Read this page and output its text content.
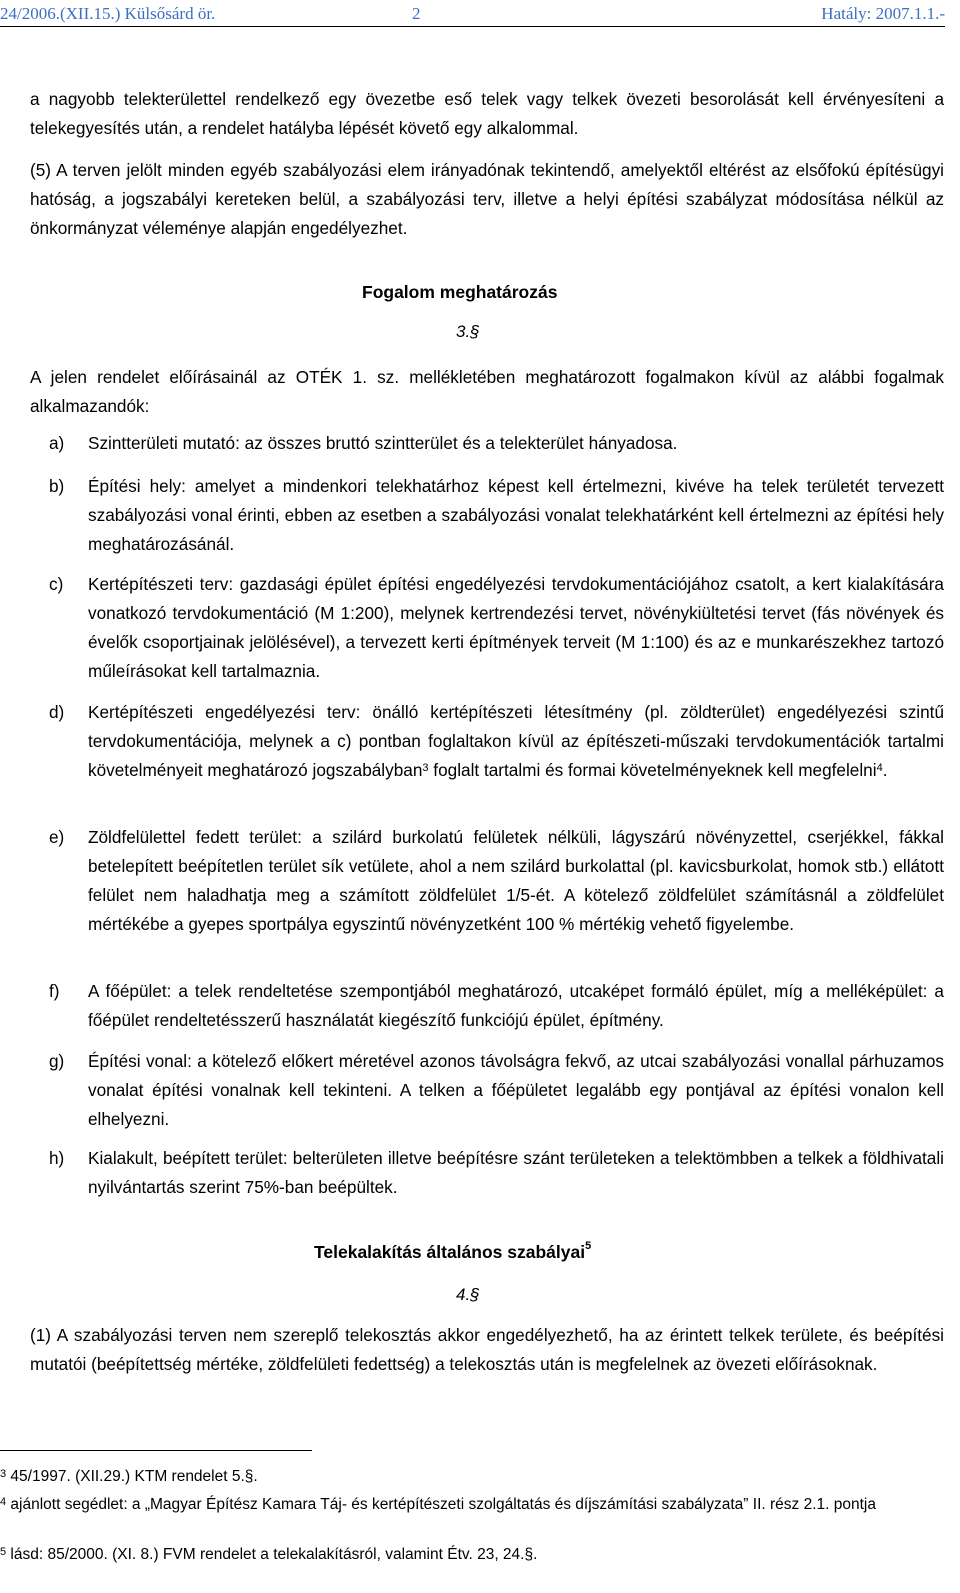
24/2006.(XII.15.) Külsősárd ör.	2	Hatály: 2007.1.1.-
a nagyobb telekterülettel rendelkező egy övezetbe eső telek vagy telkek övezeti besorolását kell érvényesíteni a telekegyesítés után, a rendelet hatályba lépését követő egy alkalommal.
(5) A terven jelölt minden egyéb szabályozási elem irányadónak tekintendő, amelyektől eltérést az elsőfokú építésügyi hatóság, a jogszabályi kereteken belül, a szabályozási terv, illetve a helyi építési szabályzat módosítása nélkül az önkormányzat véleménye alapján engedélyezhet.
Fogalom meghatározás
3.§
A jelen rendelet előírásainál az OTÉK 1. sz. mellékletében meghatározott fogalmakon kívül az alábbi fogalmak alkalmazandók:
a) Szintterületi mutató: az összes bruttó szintterület és a telekterület hányadosa.
b) Építési hely: amelyet a mindenkori telekhatárhoz képest kell értelmezni, kivéve ha telek területét tervezett szabályozási vonal érinti, ebben az esetben a szabályozási vonalat telekhatárként kell értelmezni az építési hely meghatározásánál.
c) Kertépítészeti terv: gazdasági épület építési engedélyezési tervdokumentációjához csatolt, a kert kialakítására vonatkozó tervdokumentáció (M 1:200), melynek kertrendezési tervet, növénykiültetési tervet (fás növények és évelők csoportjainak jelölésével), a tervezett kerti építmények terveit (M 1:100) és az e munkarészekhez tartozó műleírásokat kell tartalmaznia.
d) Kertépítészeti engedélyezési terv: önálló kertépítészeti létesítmény (pl. zöldterület) engedélyezési szintű tervdokumentációja, melynek a c) pontban foglaltakon kívül az építészeti-műszaki tervdokumentációk tartalmi követelményeit meghatározó jogszabályban$^3$ foglalt tartalmi és formai követelményeknek kell megfelelni$^4$.
e) Zöldfelülettel fedett terület: a szilárd burkolatú felületek nélküli, lágyszárú növényzettel, cserjékkel, fákkal betelepített beépítetlen terület sík vetülete, ahol a nem szilárd burkolattal (pl. kavicsburkolat, homok stb.) ellátott felület nem haladhatja meg a számított zöldfelület 1/5-ét. A kötelező zöldfelület számításnál a zöldfelület mértékébe a gyepes sportpálya egyszintű növényzetként 100 % mértékig vehető figyelembe.
f) A főépület: a telek rendeltetése szempontjából meghatározó, utcaképet formáló épület, míg a melléképület: a főépület rendeltetésszerű használatát kiegészítő funkciójú épület, építmény.
g) Építési vonal: a kötelező előkert méretével azonos távolságra fekvő, az utcai szabályozási vonallal párhuzamos vonalat építési vonalnak kell tekinteni. A telken a főépületet legalább egy pontjával az építési vonalon kell elhelyezni.
h) Kialakult, beépített terület: belterületen illetve beépítésre szánt területeken a telektömbben a telkek a földhivatali nyilvántartás szerint 75%-ban beépültek.
Telekalakítás általános szabályai$^5$
4.§
(1) A szabályozási terven nem szereplő telekosztás akkor engedélyezhető, ha az érintett telkek területe, és beépítési mutatói (beépítettség mértéke, zöldfelületi fedettség) a telekosztás után is megfelelnek az övezeti előírásoknak.
$^3$ 45/1997. (XII.29.) KTM rendelet 5.§.
$^4$ ajánlott segédlet: a „Magyar Építész Kamara Táj- és kertépítészeti szolgáltatás és díjszámítási szabályzata” II. rész 2.1. pontja
$^5$ lásd: 85/2000. (XI. 8.) FVM rendelet a telekalakításról, valamint Étv. 23, 24.§.
